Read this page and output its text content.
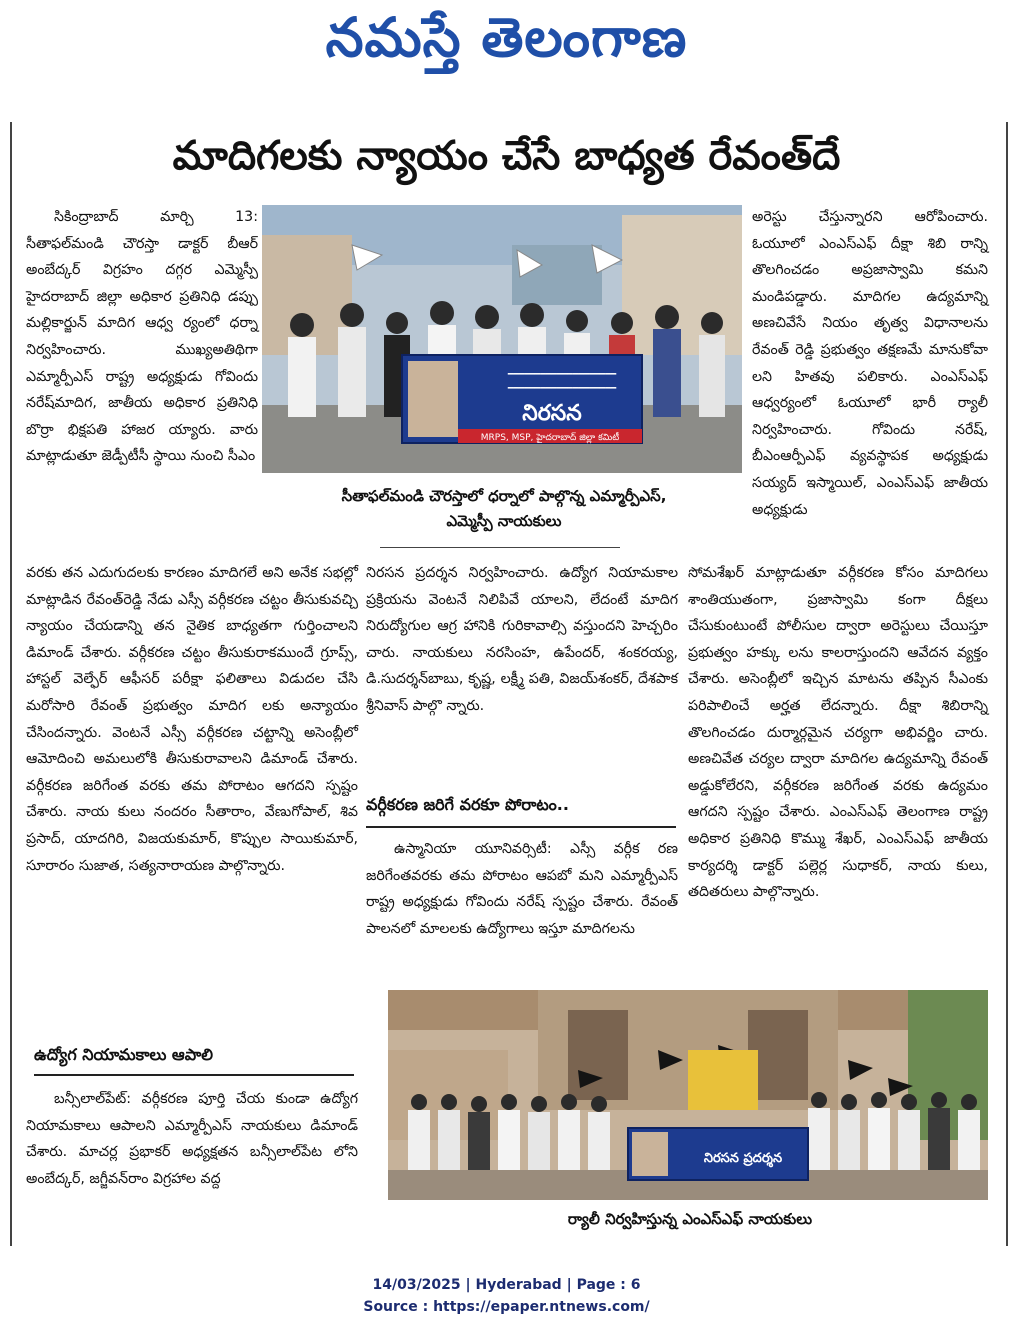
నమస్తే తెలంగాణ
మాదిగలకు న్యాయం చేసే బాధ్యత రేవంత్‌దే

సికింద్రాబాద్ మార్చి 13: సీతాఫల్‌మండి చౌరస్తా డాక్టర్ బీఆర్ అంబేద్కర్ విగ్రహం దగ్గర ఎమ్మెస్పీ హైదరాబాద్ జిల్లా అధికార ప్రతినిధి డప్పు మల్లికార్జున్ మాదిగ ఆధ్వ ర్యంలో ధర్నా నిర్వహించారు. ముఖ్యఅతిథిగా ఎమ్మార్పీఎస్ రాష్ట్ర అధ్యక్షుడు గోవిందు నరేష్‌మాదిగ, జాతీయ అధికార ప్రతినిధి బొర్రా భిక్షపతి హాజర య్యారు. వారు మాట్లాడుతూ జెడ్పీటీసీ స్థాయి నుంచి సీఎం

━━━━━━━━━━━━━━━━━━━━
━━━━━━━━━━━━━━━━━━━━
నిరసన
MRPS, MSP, హైదరాబాద్ జిల్లా కమిటీ
సీతాఫల్‌మండి చౌరస్తాలో ధర్నాలో పాల్గొన్న ఎమ్మార్పీఎస్, ఎమ్మెస్పీ నాయకులు

వరకు తన ఎదుగుదలకు కారణం మాదిగలే అని అనేక సభల్లో మాట్లాడిన రేవంత్‌రెడ్డి నేడు ఎస్సీ వర్గీకరణ చట్టం తీసుకువచ్చి న్యాయం చేయడాన్ని తన నైతిక బాధ్యతగా గుర్తించాలని డిమాండ్ చేశారు. వర్గీకరణ చట్టం తీసుకురాకముందే గ్రూప్స్, హాస్టల్ వెల్ఫేర్ ఆఫీసర్ పరీక్షా ఫలితాలు విడుదల చేసి మరోసారి రేవంత్ ప్రభుత్వం మాదిగ లకు అన్యాయం చేసిందన్నారు. వెంటనే ఎస్సీ వర్గీకరణ చట్టాన్ని అసెంబ్లీలో ఆమోదించి అమలులోకి తీసుకురావాలని డిమాండ్ చేశారు. వర్గీకరణ జరిగేంత వరకు తమ పోరాటం ఆగదని స్పష్టం చేశారు. నాయ కులు నందరం సీతారాం, వేణుగోపాల్, శివ ప్రసాద్, యాదగిరి, విజయకుమార్, కొప్పుల సాయికుమార్, సూరారం సుజాత, సత్యనారాయణ పాల్గొన్నారు.

ఉద్యోగ నియామకాలు ఆపాలి

బన్సీలాల్‌పేట్: వర్గీకరణ పూర్తి చేయ కుండా ఉద్యోగ నియామకాలు ఆపాలని ఎమ్మార్పీఎస్ నాయకులు డిమాండ్ చేశారు. మాచర్ల ప్రభాకర్ అధ్యక్షతన బన్సీలాల్‌పేట లోని అంబేద్కర్, జగ్జీవన్‌రాం విగ్రహాల వద్ద

నిరసన ప్రదర్శన నిర్వహించారు. ఉద్యోగ నియామకాల ప్రక్రియను వెంటనే నిలిపివే యాలని, లేదంటే మాదిగ నిరుద్యోగుల ఆగ్ర హానికి గురికావాల్సి వస్తుందని హెచ్చరిం చారు. నాయకులు నరసింహ, ఉపేందర్, శంకరయ్య, డి.సుదర్శన్‌బాబు, కృష్ణ, లక్ష్మీ పతి, విజయ్‌శంకర్, దేశపాక శ్రీనివాస్ పాల్గొ న్నారు.

వర్గీకరణ జరిగే వరకూ పోరాటం..

ఉస్మానియా యూనివర్సిటీ: ఎస్సీ వర్గీక రణ జరిగేంతవరకు తమ పోరాటం ఆపబో మని ఎమ్మార్పీఎస్ రాష్ట్ర అధ్యక్షుడు గోవిందు నరేష్ స్పష్టం చేశారు. రేవంత్ పాలనలో మాలలకు ఉద్యోగాలు ఇస్తూ మాదిగలను

అరెస్టు చేస్తున్నారని ఆరోపించారు. ఓయూలో ఎంఎస్ఎఫ్ దీక్షా శిబి రాన్ని తొలగించడం అప్రజాస్వామి కమని మండిపడ్డారు. మాదిగల ఉద్యమాన్ని అణచివేసే నియం తృత్వ విధానాలను రేవంత్ రెడ్డి ప్రభుత్వం తక్షణమే మానుకోవా లని హితవు పలికారు. ఎంఎస్ఎఫ్ ఆధ్వర్యంలో ఓయూలో భారీ ర్యాలీ నిర్వహించారు. గోవిందు నరేష్, బీఎంఆర్పీఎఫ్ వ్యవస్థాపక అధ్యక్షుడు సయ్యద్ ఇస్మాయిల్, ఎంఎస్ఎఫ్ జాతీయ అధ్యక్షుడు

సోమశేఖర్ మాట్లాడుతూ వర్గీకరణ కోసం మాదిగలు శాంతియుతంగా, ప్రజాస్వామి కంగా దీక్షలు చేసుకుంటుంటే పోలీసుల ద్వారా అరెస్టులు చేయిస్తూ ప్రభుత్వం హక్కు లను కాలరాస్తుందని ఆవేదన వ్యక్తం చేశారు. అసెంబ్లీలో ఇచ్చిన మాటను తప్పిన సీఎంకు పరిపాలించే అర్హత లేదన్నారు. దీక్షా శిబిరాన్ని తొలగించడం దుర్మార్గమైన చర్యగా అభివర్ణిం చారు. అణచివేత చర్యల ద్వారా మాదిగల ఉద్యమాన్ని రేవంత్ అడ్డుకోలేరని, వర్గీకరణ జరిగేంత వరకు ఉద్యమం ఆగదని స్పష్టం చేశారు. ఎంఎస్ఎఫ్ తెలంగాణ రాష్ట్ర అధికార ప్రతినిధి కొమ్ము శేఖర్, ఎంఎస్ఎఫ్ జాతీయ కార్యదర్శి డాక్టర్ పల్లెర్ల సుధాకర్, నాయ కులు, తదితరులు పాల్గొన్నారు.

నిరసన ప్రదర్శన
ర్యాలీ నిర్వహిస్తున్న ఎంఎస్ఎఫ్ నాయకులు
14/03/2025 | Hyderabad | Page : 6
Source : https://epaper.ntnews.com/
